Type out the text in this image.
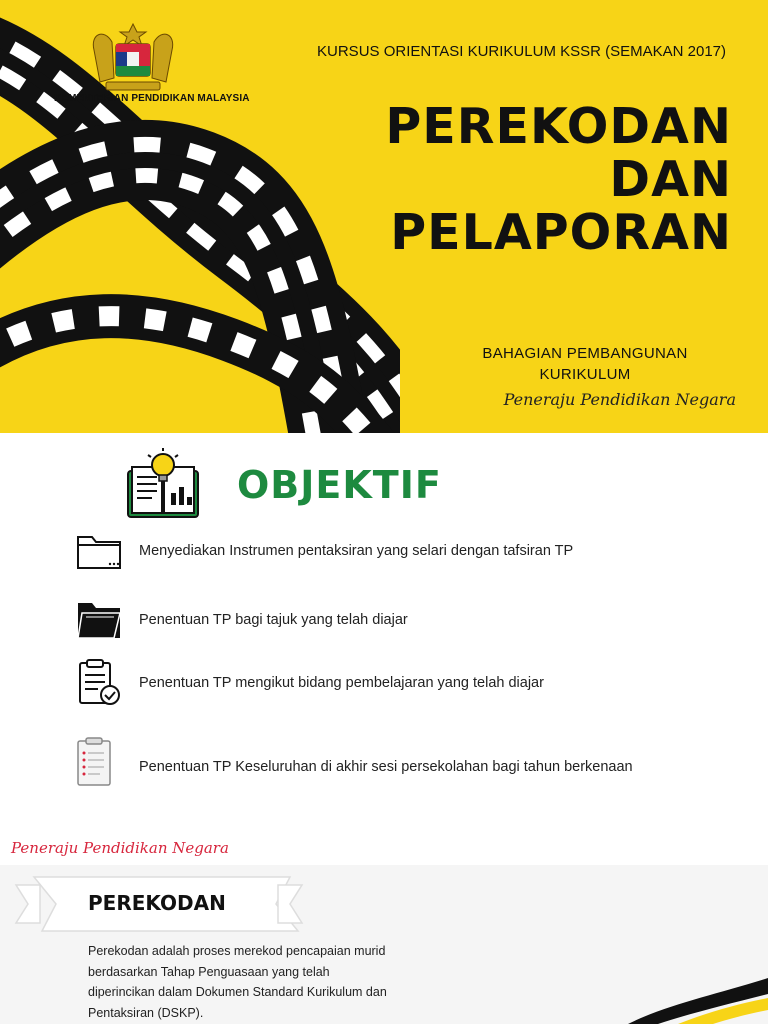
KEMENTERIAN PENDIDIKAN MALAYSIA
KURSUS ORIENTASI KURIKULUM KSSR (SEMAKAN 2017)
PEREKODAN
DAN
PELAPORAN
BAHAGIAN PEMBANGUNAN
KURIKULUM
Peneraju Pendidikan Negara
OBJEKTIF
Menyediakan Instrumen pentaksiran yang selari dengan tafsiran TP
Penentuan TP bagi tajuk yang telah diajar
Penentuan TP mengikut bidang pembelajaran yang telah diajar
Penentuan TP Keseluruhan di akhir sesi persekolahan bagi tahun berkenaan
Peneraju Pendidikan Negara
PEREKODAN
Perekodan adalah proses merekod pencapaian murid berdasarkan Tahap Penguasaan yang telah diperincikan dalam Dokumen Standard Kurikulum dan Pentaksiran (DSKP).
